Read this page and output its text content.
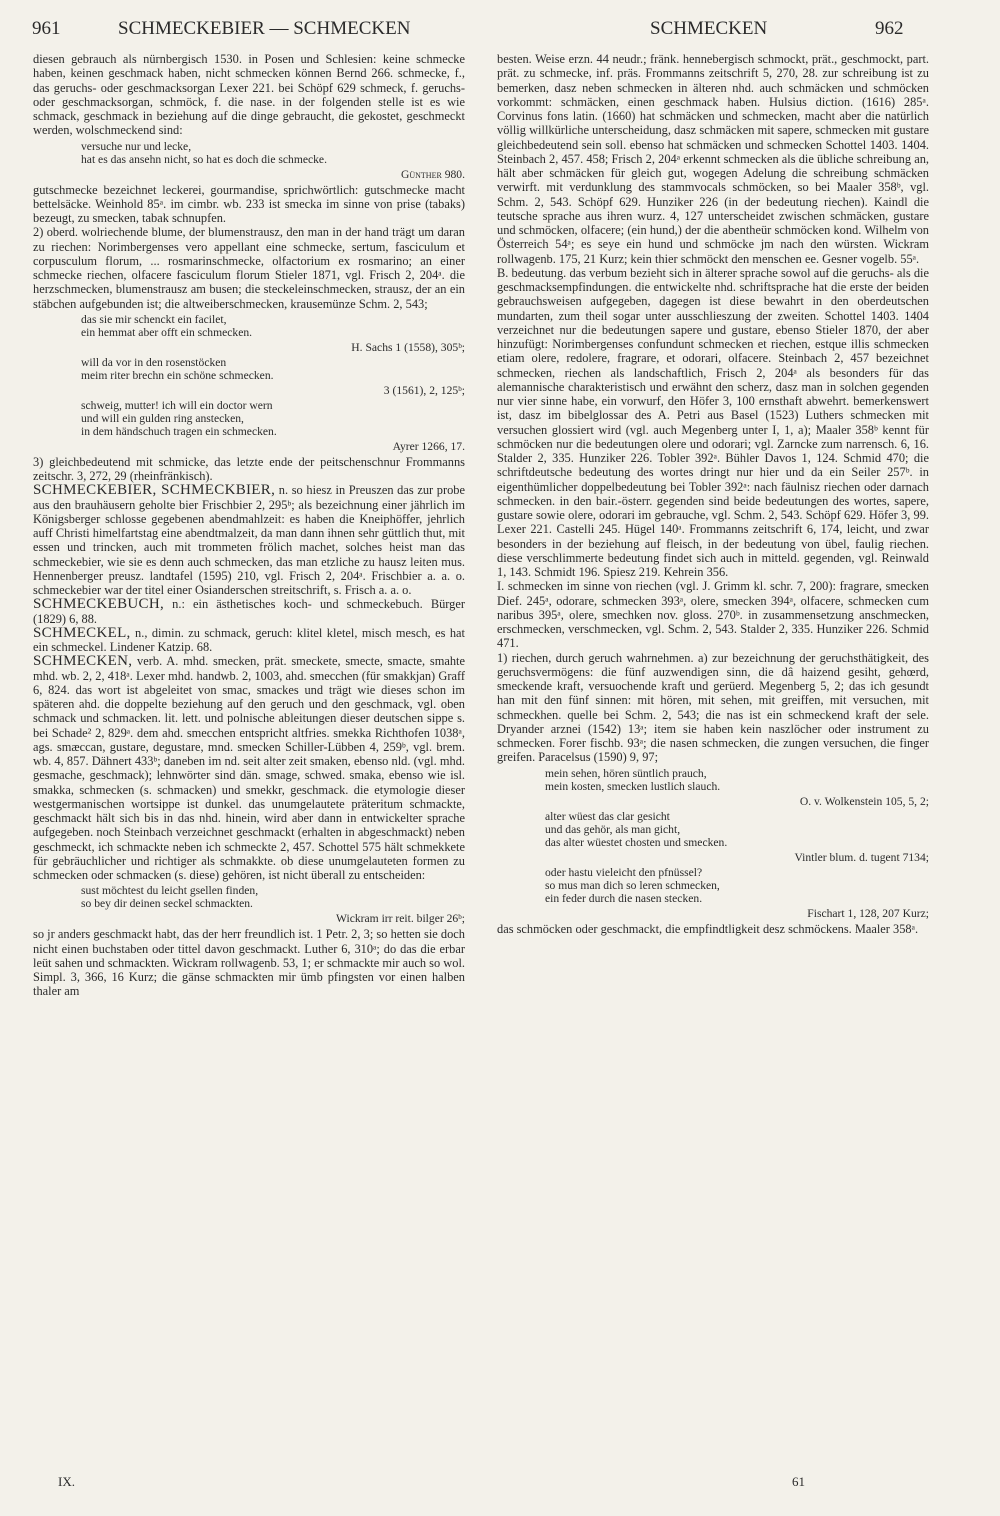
961	SCHMECKEBIER — SCHMECKEN	SCHMECKEN	962

diesen gebrauch als nürnbergisch 1530. in Posen und Schlesien: keine schmecke haben, keinen geschmack haben, nicht schmecken können Bernd 266. schmecke, f., das geruchs- oder geschmacksorgan Lexer 221. bei Schöpf 629 schmeck, f. geruchs- oder geschmacksorgan, schmöck, f. die nase. in der folgenden stelle ist es wie schmack, geschmack in beziehung auf die dinge gebraucht, die gekostet, geschmeckt werden, wolschmeckend sind:

versuche nur und lecke,
hat es das ansehn nicht, so hat es doch die schmecke.

Günther 980.

gutschmecke bezeichnet leckerei, gourmandise, sprichwörtlich: gutschmecke macht bettelsäcke. Weinhold 85ᵃ. im cimbr. wb. 233 ist smecka im sinne von prise (tabaks) bezeugt, zu smecken, tabak schnupfen.

2) oberd. wolriechende blume, der blumenstrausz, den man in der hand trägt um daran zu riechen: Norimbergenses vero appellant eine schmecke, sertum, fasciculum et corpusculum florum, ... rosmarinschmecke, olfactorium ex rosmarino; an einer schmecke riechen, olfacere fasciculum florum Stieler 1871, vgl. Frisch 2, 204ᵃ. die herzschmecken, blumenstrausz am busen; die steckeleinschmecken, strausz, der an ein stäbchen aufgebunden ist; die altweiberschmecken, krausemünze Schm. 2, 543;

das sie mir schenckt ein facilet,
ein hemmat aber offt ein schmecken.

H. Sachs 1 (1558), 305ᵇ;

will da vor in den rosenstöcken
meim riter brechn ein schöne schmecken.

3 (1561), 2, 125ᵇ;

schweig, mutter! ich will ein doctor wern
und will ein gulden ring anstecken,
in dem händschuch tragen ein schmecken.

Ayrer 1266, 17.

3) gleichbedeutend mit schmicke, das letzte ende der peitschenschnur Frommanns zeitschr. 3, 272, 29 (rheinfränkisch).

SCHMECKEBIER, SCHMECKBIER, n. so hiesz in Preuszen das zur probe aus den brauhäusern geholte bier Frischbier 2, 295ᵇ; als bezeichnung einer jährlich im Königsberger schlosse gegebenen abendmahlzeit: es haben die Kneiphöffer, jehrlich auff Christi himelfartstag eine abendtmalzeit, da man dann ihnen sehr güttlich thut, mit essen und trincken, auch mit trommeten frölich machet, solches heist man das schmeckebier, wie sie es denn auch schmecken, das man etzliche zu hausz leiten mus. Hennenberger preusz. landtafel (1595) 210, vgl. Frisch 2, 204ᵃ. Frischbier a. a. o. schmeckebier war der titel einer Osianderschen streitschrift, s. Frisch a. a. o.

SCHMECKEBUCH, n.: ein ästhetisches koch- und schmeckebuch. Bürger (1829) 6, 88.

SCHMECKEL, n., dimin. zu schmack, geruch: klitel kletel, misch mesch, es hat ein schmeckel. Lindener Katzip. 68.

SCHMECKEN, verb. A. mhd. smecken, prät. smeckete, smecte, smacte, smahte mhd. wb. 2, 2, 418ᵃ. Lexer mhd. handwb. 2, 1003, ahd. smecchen (für smakkjan) Graff 6, 824. das wort ist abgeleitet von smac, smackes und trägt wie dieses schon im späteren ahd. die doppelte beziehung auf den geruch und den geschmack, vgl. oben schmack und schmacken. lit. lett. und polnische ableitungen dieser deutschen sippe s. bei Schade² 2, 829ᵃ. dem ahd. smecchen entspricht altfries. smekka Richthofen 1038ᵃ, ags. smæccan, gustare, degustare, mnd. smecken Schiller-Lübben 4, 259ᵇ, vgl. brem. wb. 4, 857. Dähnert 433ᵇ; daneben im nd. seit alter zeit smaken, ebenso nld. (vgl. mhd. gesmache, geschmack); lehnwörter sind dän. smage, schwed. smaka, ebenso wie isl. smakka, schmecken (s. schmacken) und smekkr, geschmack. die etymologie dieser westgermanischen wortsippe ist dunkel. das unumgelautete präteritum schmackte, geschmackt hält sich bis in das nhd. hinein, wird aber dann in entwickelter sprache aufgegeben. noch Steinbach verzeichnet geschmackt (erhalten in abgeschmackt) neben geschmeckt, ich schmackte neben ich schmeckte 2, 457. Schottel 575 hält schmekkete für gebräuchlicher und richtiger als schmakkte. ob diese unumgelauteten formen zu schmecken oder schmacken (s. diese) gehören, ist nicht überall zu entscheiden:

sust möchtest du leicht gsellen finden,
so bey dir deinen seckel schmackten.

Wickram irr reit. bilger 26ᵇ;

so jr anders geschmackt habt, das der herr freundlich ist. 1 Petr. 2, 3; so hetten sie doch nicht einen buchstaben oder tittel davon geschmackt. Luther 6, 310ᵃ; do das die erbar leüt sahen und schmackten. Wickram rollwagenb. 53, 1; er schmackte mir auch so wol. Simpl. 3, 366, 16 Kurz; die gänse schmackten mir ümb pfingsten vor einen halben thaler am

besten. Weise erzn. 44 neudr.; fränk. hennebergisch schmockt, prät., geschmockt, part. prät. zu schmecke, inf. präs. Frommanns zeitschrift 5, 270, 28. zur schreibung ist zu bemerken, dasz neben schmecken in älteren nhd. auch schmäcken und schmöcken vorkommt: schmäcken, einen geschmack haben. Hulsius diction. (1616) 285ᵃ. Corvinus fons latin. (1660) hat schmäcken und schmecken, macht aber die natürlich völlig willkürliche unterscheidung, dasz schmäcken mit sapere, schmecken mit gustare gleichbedeutend sein soll. ebenso hat schmäcken und schmecken Schottel 1403. 1404. Steinbach 2, 457. 458; Frisch 2, 204ᵃ erkennt schmecken als die übliche schreibung an, hält aber schmäcken für gleich gut, wogegen Adelung die schreibung schmäcken verwirft. mit verdunklung des stammvocals schmöcken, so bei Maaler 358ᵇ, vgl. Schm. 2, 543. Schöpf 629. Hunziker 226 (in der bedeutung riechen). Kaindl die teutsche sprache aus ihren wurz. 4, 127 unterscheidet zwischen schmäcken, gustare und schmöcken, olfacere; (ein hund,) der die abentheür schmöcken kond. Wilhelm von Österreich 54ᵃ; es seye ein hund und schmöcke jm nach den würsten. Wickram rollwagenb. 175, 21 Kurz; kein thier schmöckt den menschen ee. Gesner vogelb. 55ᵃ.

B. bedeutung. das verbum bezieht sich in älterer sprache sowol auf die geruchs- als die geschmacksempfindungen. die entwickelte nhd. schriftsprache hat die erste der beiden gebrauchsweisen aufgegeben, dagegen ist diese bewahrt in den oberdeutschen mundarten, zum theil sogar unter ausschlieszung der zweiten. Schottel 1403. 1404 verzeichnet nur die bedeutungen sapere und gustare, ebenso Stieler 1870, der aber hinzufügt: Norimbergenses confundunt schmecken et riechen, estque illis schmecken etiam olere, redolere, fragrare, et odorari, olfacere. Steinbach 2, 457 bezeichnet schmecken, riechen als landschaftlich, Frisch 2, 204ᵃ als besonders für das alemannische charakteristisch und erwähnt den scherz, dasz man in solchen gegenden nur vier sinne habe, ein vorwurf, den Höfer 3, 100 ernsthaft abwehrt. bemerkenswert ist, dasz im bibelglossar des A. Petri aus Basel (1523) Luthers schmecken mit versuchen glossiert wird (vgl. auch Megenberg unter I, 1, a); Maaler 358ᵇ kennt für schmöcken nur die bedeutungen olere und odorari; vgl. Zarncke zum narrensch. 6, 16. Stalder 2, 335. Hunziker 226. Tobler 392ᵃ. Bühler Davos 1, 124. Schmid 470; die schriftdeutsche bedeutung des wortes dringt nur hier und da ein Seiler 257ᵇ. in eigenthümlicher doppelbedeutung bei Tobler 392ᵃ: nach fäulnisz riechen oder darnach schmecken. in den bair.-österr. gegenden sind beide bedeutungen des wortes, sapere, gustare sowie olere, odorari im gebrauche, vgl. Schm. 2, 543. Schöpf 629. Höfer 3, 99. Lexer 221. Castelli 245. Hügel 140ᵃ. Frommanns zeitschrift 6, 174, leicht, und zwar besonders in der beziehung auf fleisch, in der bedeutung von übel, faulig riechen. diese verschlimmerte bedeutung findet sich auch in mitteld. gegenden, vgl. Reinwald 1, 143. Schmidt 196. Spiesz 219. Kehrein 356.

I. schmecken im sinne von riechen (vgl. J. Grimm kl. schr. 7, 200): fragrare, smecken Dief. 245ᵃ, odorare, schmecken 393ᵃ, olere, smecken 394ᵃ, olfacere, schmecken cum naribus 395ᵃ, olere, smechken nov. gloss. 270ᵇ. in zusammensetzung anschmecken, erschmecken, verschmecken, vgl. Schm. 2, 543. Stalder 2, 335. Hunziker 226. Schmid 471.

1) riechen, durch geruch wahrnehmen. a) zur bezeichnung der geruchsthätigkeit, des geruchsvermögens: die fünf auzwendigen sinn, die dâ haizend gesiht, gehœrd, smeckende kraft, versuochende kraft und gerüerd. Megenberg 5, 2; das ich gesundt han mit den fünf sinnen: mit hören, mit sehen, mit greiffen, mit versuchen, mit schmeckhen. quelle bei Schm. 2, 543; die nas ist ein schmeckend kraft der sele. Dryander arznei (1542) 13ᵃ; item sie haben kein naszlöcher oder instrument zu schmecken. Forer fischb. 93ᵃ; die nasen schmecken, die zungen versuchen, die finger greifen. Paracelsus (1590) 9, 97;

mein sehen, hören süntlich prauch,
mein kosten, smecken lustlich slauch.

O. v. Wolkenstein 105, 5, 2;

alter wüest das clar gesicht
und das gehör, als man gicht,
das alter wüestet chosten und smecken.

Vintler blum. d. tugent 7134;

oder hastu vieleicht den pfnüssel?
so mus man dich so leren schmecken,
ein feder durch die nasen stecken.

Fischart 1, 128, 207 Kurz;

das schmöcken oder geschmackt, die empfindtligkeit desz schmöckens. Maaler 358ᵃ.

IX.	61
